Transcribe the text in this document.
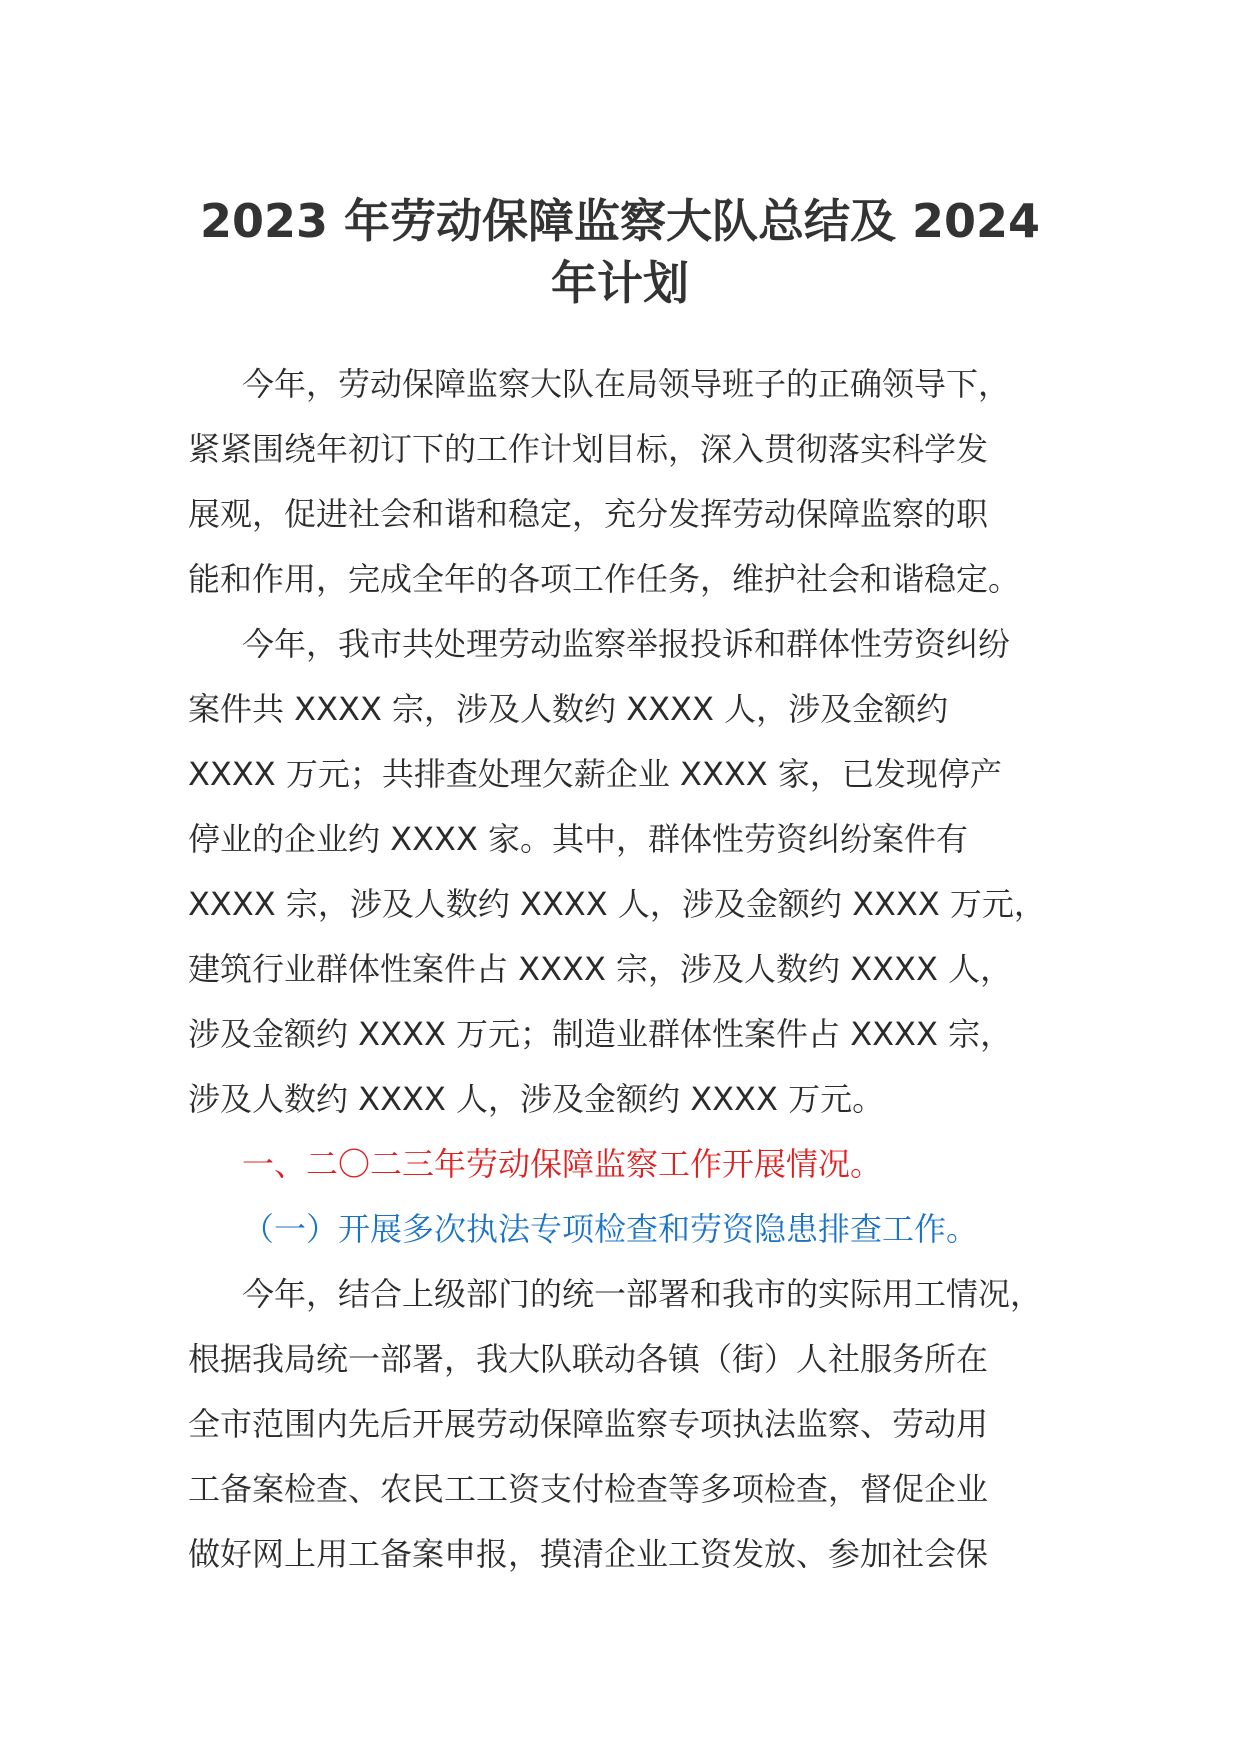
2023 年劳动保障监察大队总结及 2024
年计划
今年，劳动保障监察大队在局领导班子的正确领导下，
紧紧围绕年初订下的工作计划目标，深入贯彻落实科学发
展观，促进社会和谐和稳定，充分发挥劳动保障监察的职
能和作用，完成全年的各项工作任务，维护社会和谐稳定。
今年，我市共处理劳动监察举报投诉和群体性劳资纠纷
案件共 XXXX 宗，涉及人数约 XXXX 人，涉及金额约
XXXX 万元；共排查处理欠薪企业 XXXX 家，已发现停产
停业的企业约 XXXX 家。其中，群体性劳资纠纷案件有
XXXX 宗，涉及人数约 XXXX 人，涉及金额约 XXXX 万元，
建筑行业群体性案件占 XXXX 宗，涉及人数约 XXXX 人，
涉及金额约 XXXX 万元；制造业群体性案件占 XXXX 宗，
涉及人数约 XXXX 人，涉及金额约 XXXX 万元。
一、二〇二三年劳动保障监察工作开展情况。
（一）开展多次执法专项检查和劳资隐患排查工作。
今年，结合上级部门的统一部署和我市的实际用工情况，
根据我局统一部署，我大队联动各镇（街）人社服务所在
全市范围内先后开展劳动保障监察专项执法监察、劳动用
工备案检查、农民工工资支付检查等多项检查，督促企业
做好网上用工备案申报，摸清企业工资发放、参加社会保
